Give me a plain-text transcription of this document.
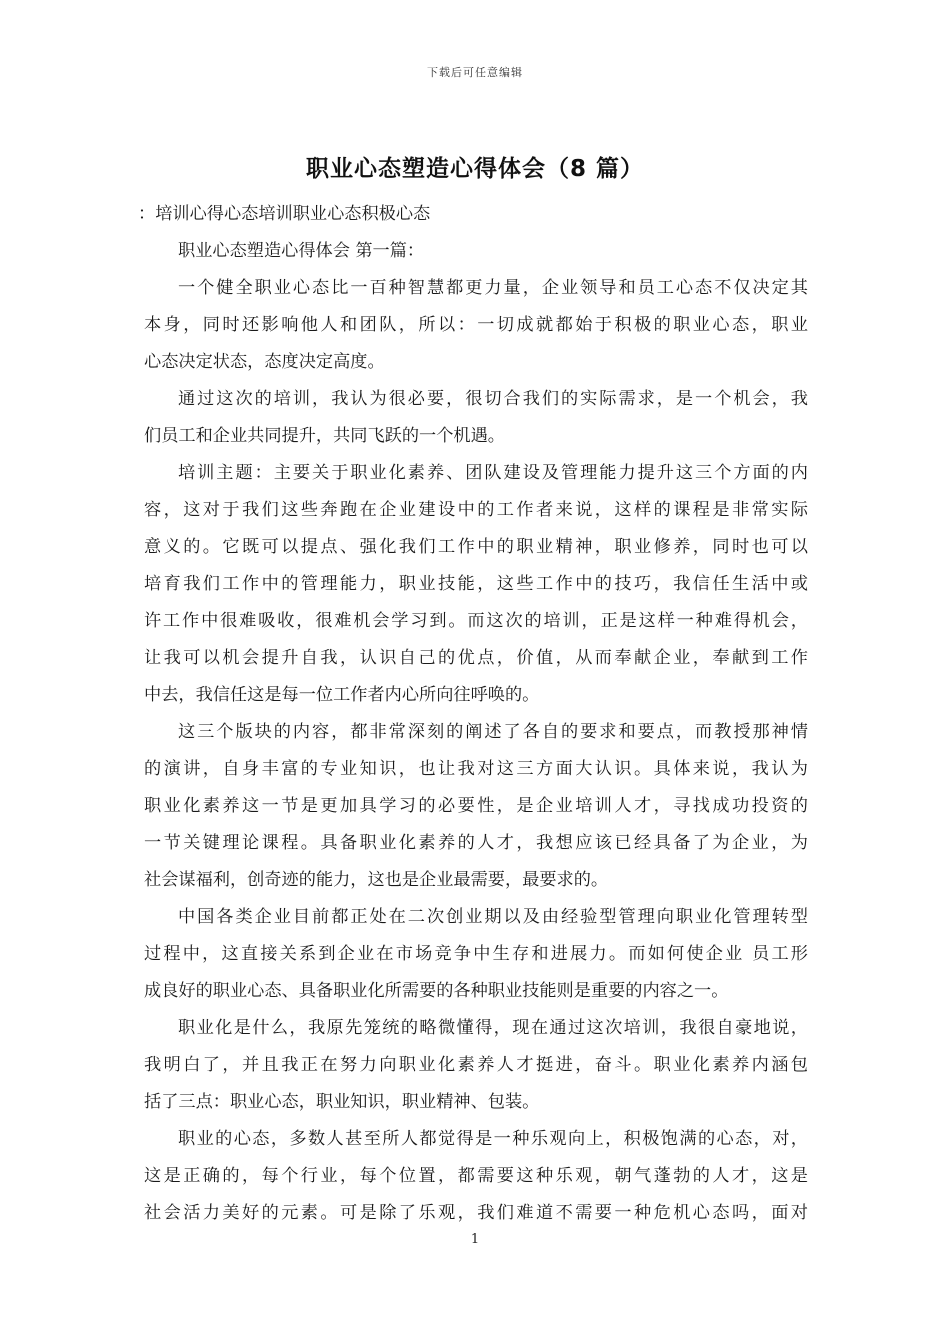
下载后可任意编辑
职业心态塑造心得体会（8 篇）
：培训心得心态培训职业心态积极心态
职业心态塑造心得体会 第一篇：
一个健全职业心态比一百种智慧都更力量，企业领导和员工心态不仅决定其
本身，同时还影响他人和团队，所以：一切成就都始于积极的职业心态，职业
心态决定状态，态度决定高度。
通过这次的培训，我认为很必要，很切合我们的实际需求，是一个机会，我
们员工和企业共同提升，共同飞跃的一个机遇。
培训主题：主要关于职业化素养、团队建设及管理能力提升这三个方面的内
容，这对于我们这些奔跑在企业建设中的工作者来说，这样的课程是非常实际
意义的。它既可以提点、强化我们工作中的职业精神，职业修养，同时也可以
培育我们工作中的管理能力，职业技能，这些工作中的技巧，我信任生活中或
许工作中很难吸收，很难机会学习到。而这次的培训，正是这样一种难得机会，
让我可以机会提升自我，认识自己的优点，价值，从而奉献企业，奉献到工作
中去，我信任这是每一位工作者内心所向往呼唤的。
这三个版块的内容，都非常深刻的阐述了各自的要求和要点，而教授那神情
的演讲，自身丰富的专业知识，也让我对这三方面大认识。具体来说，我认为
职业化素养这一节是更加具学习的必要性，是企业培训人才，寻找成功投资的
一节关键理论课程。具备职业化素养的人才，我想应该已经具备了为企业，为
社会谋福利，创奇迹的能力，这也是企业最需要，最要求的。
中国各类企业目前都正处在二次创业期以及由经验型管理向职业化管理转型
过程中，这直接关系到企业在市场竞争中生存和进展力。而如何使企业 员工形
成良好的职业心态、具备职业化所需要的各种职业技能则是重要的内容之一。
职业化是什么，我原先笼统的略微懂得，现在通过这次培训，我很自豪地说，
我明白了，并且我正在努力向职业化素养人才挺进，奋斗。职业化素养内涵包
括了三点：职业心态，职业知识，职业精神、包装。
职业的心态，多数人甚至所人都觉得是一种乐观向上，积极饱满的心态，对，
这是正确的，每个行业，每个位置，都需要这种乐观，朝气蓬勃的人才，这是
社会活力美好的元素。可是除了乐观，我们难道不需要一种危机心态吗，面对
1
